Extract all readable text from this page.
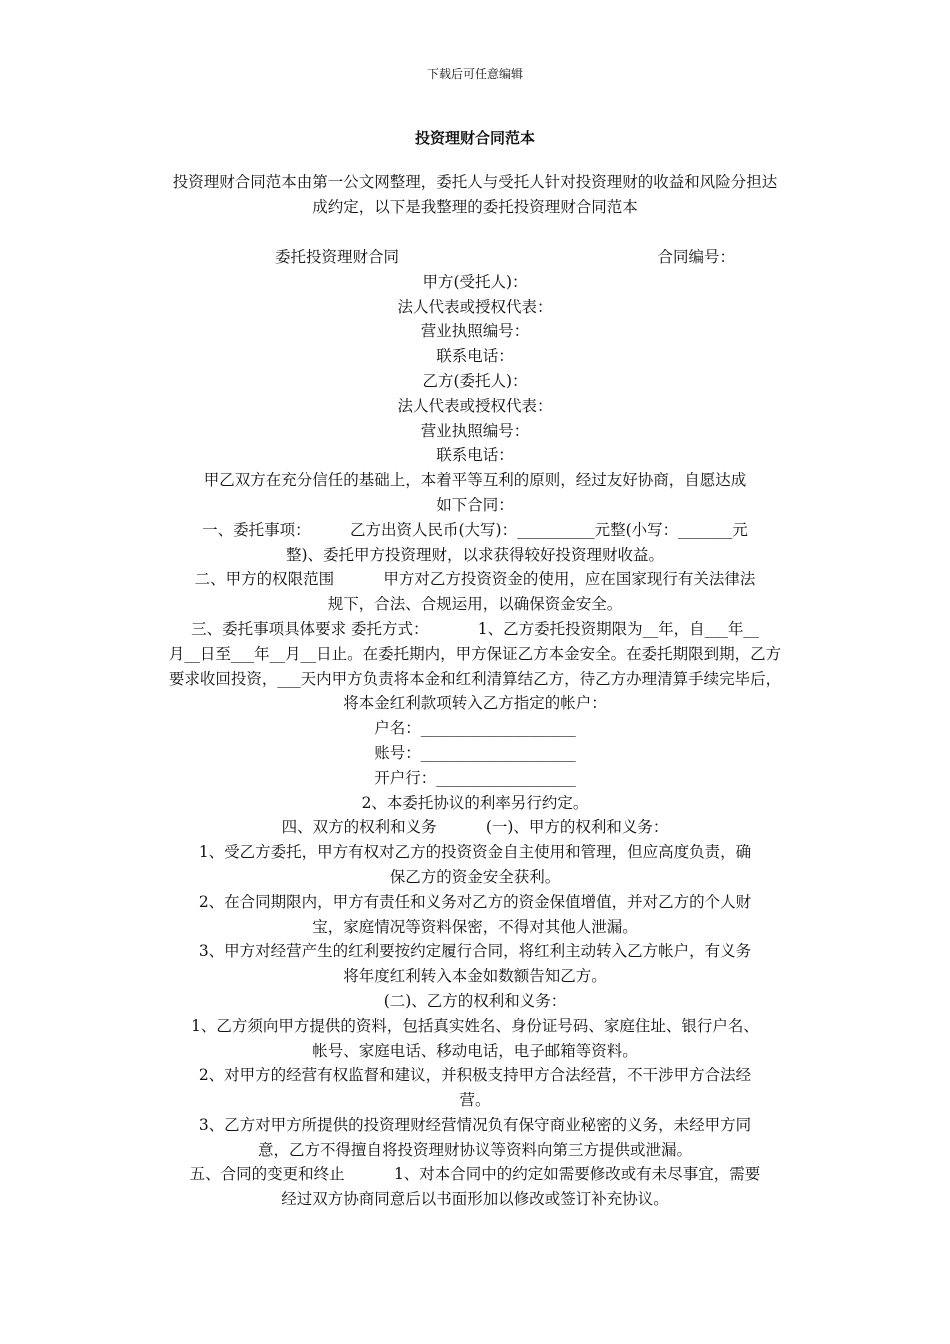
下载后可任意编辑
投资理财合同范本
投资理财合同范本由第一公文网整理，委托人与受托人针对投资理财的收益和风险分担达
成约定，以下是我整理的委托投资理财合同范本
委托投资理财合同	合同编号：

甲方(受托人)：

法人代表或授权代表：

营业执照编号：

联系电话：

乙方(委托人)：

法人代表或授权代表：

营业执照编号：

联系电话：

甲乙双方在充分信任的基础上，本着平等互利的原则，经过友好协商，自愿达成

如下合同：

一、委托事项：        乙方出资人民币(大写)：__________元整(小写：_______元

整)、委托甲方投资理财，以求获得较好投资理财收益。

二、甲方的权限范围          甲方对乙方投资资金的使用，应在国家现行有关法律法

规下，合法、合规运用，以确保资金安全。

三、委托事项具体要求 委托方式：          1、乙方委托投资期限为__年，自___年__

月__日至___年__月__日止。在委托期内，甲方保证乙方本金安全。在委托期限到期，乙方

要求收回投资，___天内甲方负责将本金和红利清算结乙方，待乙方办理清算手续完毕后，

将本金红利款项转入乙方指定的帐户：

户名：____________________

账号：____________________

开户行：__________________

2、本委托协议的利率另行约定。

四、双方的权利和义务          (一)、甲方的权利和义务：

1、受乙方委托，甲方有权对乙方的投资资金自主使用和管理，但应高度负责，确

保乙方的资金安全获利。

2、在合同期限内，甲方有责任和义务对乙方的资金保值增值，并对乙方的个人财

宝，家庭情况等资料保密，不得对其他人泄漏。

3、甲方对经营产生的红利要按约定履行合同，将红利主动转入乙方帐户，有义务

将年度红利转入本金如数额告知乙方。

(二)、乙方的权利和义务：

1、乙方须向甲方提供的资料，包括真实姓名、身份证号码、家庭住址、银行户名、

帐号、家庭电话、移动电话，电子邮箱等资料。

2、对甲方的经营有权监督和建议，并积极支持甲方合法经营，不干涉甲方合法经

营。

3、乙方对甲方所提供的投资理财经营情况负有保守商业秘密的义务，未经甲方同

意，乙方不得擅自将投资理财协议等资料向第三方提供或泄漏。

五、合同的变更和终止          1、对本合同中的约定如需要修改或有未尽事宜，需要

经过双方协商同意后以书面形加以修改或签订补充协议。
